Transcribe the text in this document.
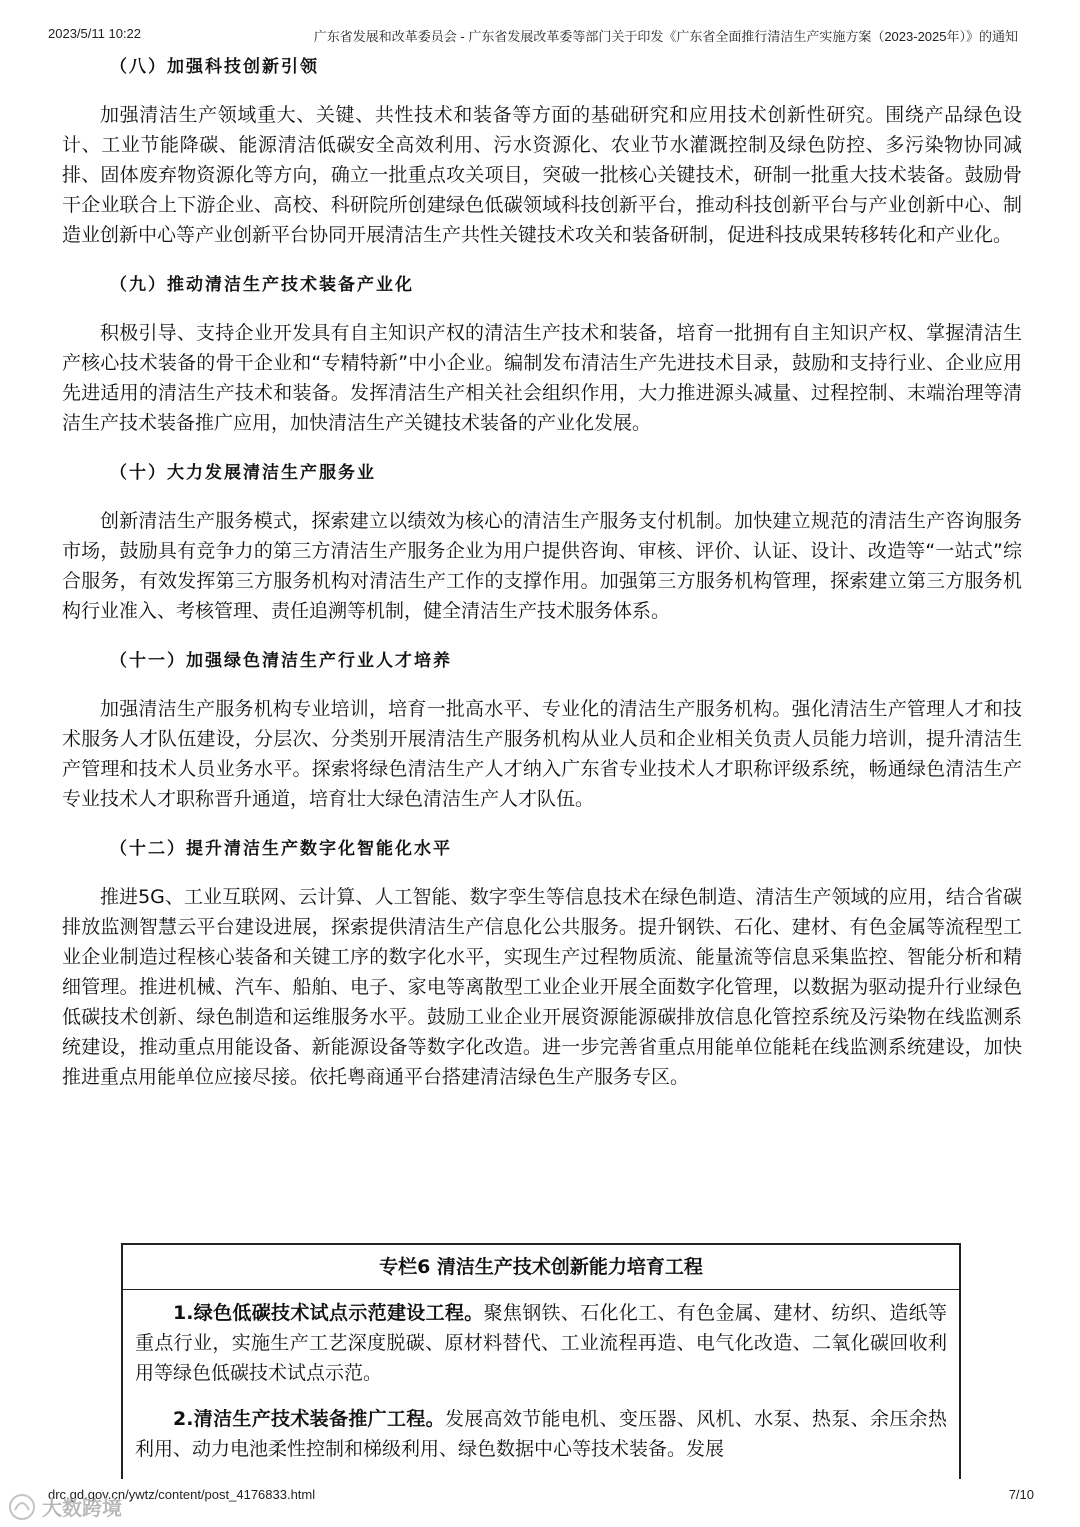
2023/5/11 10:22	广东省发展和改革委员会 - 广东省发展改革委等部门关于印发《广东省全面推行清洁生产实施方案（2023-2025年）》的通知
（八）加强科技创新引领

加强清洁生产领域重大、关键、共性技术和装备等方面的基础研究和应用技术创新性研究。围绕产品绿色设计、工业节能降碳、能源清洁低碳安全高效利用、污水资源化、农业节水灌溉控制及绿色防控、多污染物协同减排、固体废弃物资源化等方向，确立一批重点攻关项目，突破一批核心关键技术，研制一批重大技术装备。鼓励骨干企业联合上下游企业、高校、科研院所创建绿色低碳领域科技创新平台，推动科技创新平台与产业创新中心、制造业创新中心等产业创新平台协同开展清洁生产共性关键技术攻关和装备研制，促进科技成果转移转化和产业化。

（九）推动清洁生产技术装备产业化

积极引导、支持企业开发具有自主知识产权的清洁生产技术和装备，培育一批拥有自主知识产权、掌握清洁生产核心技术装备的骨干企业和“专精特新”中小企业。编制发布清洁生产先进技术目录，鼓励和支持行业、企业应用先进适用的清洁生产技术和装备。发挥清洁生产相关社会组织作用，大力推进源头减量、过程控制、末端治理等清洁生产技术装备推广应用，加快清洁生产关键技术装备的产业化发展。

（十）大力发展清洁生产服务业

创新清洁生产服务模式，探索建立以绩效为核心的清洁生产服务支付机制。加快建立规范的清洁生产咨询服务市场，鼓励具有竞争力的第三方清洁生产服务企业为用户提供咨询、审核、评价、认证、设计、改造等“一站式”综合服务，有效发挥第三方服务机构对清洁生产工作的支撑作用。加强第三方服务机构管理，探索建立第三方服务机构行业准入、考核管理、责任追溯等机制，健全清洁生产技术服务体系。

（十一）加强绿色清洁生产行业人才培养

加强清洁生产服务机构专业培训，培育一批高水平、专业化的清洁生产服务机构。强化清洁生产管理人才和技术服务人才队伍建设，分层次、分类别开展清洁生产服务机构从业人员和企业相关负责人员能力培训，提升清洁生产管理和技术人员业务水平。探索将绿色清洁生产人才纳入广东省专业技术人才职称评级系统，畅通绿色清洁生产专业技术人才职称晋升通道，培育壮大绿色清洁生产人才队伍。

（十二）提升清洁生产数字化智能化水平

推进5G、工业互联网、云计算、人工智能、数字孪生等信息技术在绿色制造、清洁生产领域的应用，结合省碳排放监测智慧云平台建设进展，探索提供清洁生产信息化公共服务。提升钢铁、石化、建材、有色金属等流程型工业企业制造过程核心装备和关键工序的数字化水平，实现生产过程物质流、能量流等信息采集监控、智能分析和精细管理。推进机械、汽车、船舶、电子、家电等离散型工业企业开展全面数字化管理，以数据为驱动提升行业绿色低碳技术创新、绿色制造和运维服务水平。鼓励工业企业开展资源能源碳排放信息化管控系统及污染物在线监测系统建设，推动重点用能设备、新能源设备等数字化改造。进一步完善省重点用能单位能耗在线监测系统建设，加快推进重点用能单位应接尽接。依托粤商通平台搭建清洁绿色生产服务专区。

专栏6 清洁生产技术创新能力培育工程

1.绿色低碳技术试点示范建设工程。聚焦钢铁、石化化工、有色金属、建材、纺织、造纸等重点行业，实施生产工艺深度脱碳、原材料替代、工业流程再造、电气化改造、二氧化碳回收利用等绿色低碳技术试点示范。

2.清洁生产技术装备推广工程。发展高效节能电机、变压器、风机、水泵、热泵、余压余热利用、动力电池柔性控制和梯级利用、绿色数据中心等技术装备。发展

drc.gd.gov.cn/ywtz/content/post_4176833.html	7/10
大数跨境
